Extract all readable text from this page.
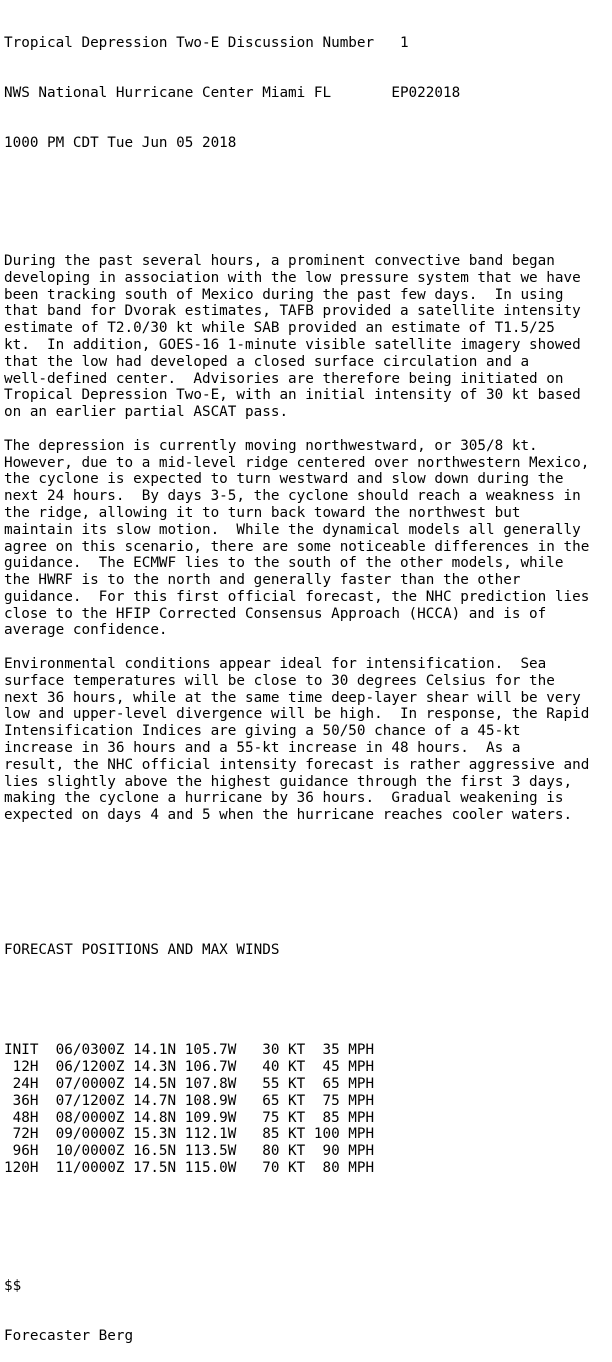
Tropical Depression Two-E Discussion Number   1

NWS National Hurricane Center Miami FL       EP022018

1000 PM CDT Tue Jun 05 2018

During the past several hours, a prominent convective band began
developing in association with the low pressure system that we have
been tracking south of Mexico during the past few days.  In using
that band for Dvorak estimates, TAFB provided a satellite intensity
estimate of T2.0/30 kt while SAB provided an estimate of T1.5/25
kt.  In addition, GOES-16 1-minute visible satellite imagery showed
that the low had developed a closed surface circulation and a
well-defined center.  Advisories are therefore being initiated on
Tropical Depression Two-E, with an initial intensity of 30 kt based
on an earlier partial ASCAT pass.
The depression is currently moving northwestward, or 305/8 kt.
However, due to a mid-level ridge centered over northwestern Mexico,
the cyclone is expected to turn westward and slow down during the
next 24 hours.  By days 3-5, the cyclone should reach a weakness in
the ridge, allowing it to turn back toward the northwest but
maintain its slow motion.  While the dynamical models all generally
agree on this scenario, there are some noticeable differences in the
guidance.  The ECMWF lies to the south of the other models, while
the HWRF is to the north and generally faster than the other
guidance.  For this first official forecast, the NHC prediction lies
close to the HFIP Corrected Consensus Approach (HCCA) and is of
average confidence.
Environmental conditions appear ideal for intensification.  Sea
surface temperatures will be close to 30 degrees Celsius for the
next 36 hours, while at the same time deep-layer shear will be very
low and upper-level divergence will be high.  In response, the Rapid
Intensification Indices are giving a 50/50 chance of a 45-kt
increase in 36 hours and a 55-kt increase in 48 hours.  As a
result, the NHC official intensity forecast is rather aggressive and
lies slightly above the highest guidance through the first 3 days,
making the cyclone a hurricane by 36 hours.  Gradual weakening is
expected on days 4 and 5 when the hurricane reaches cooler waters.

FORECAST POSITIONS AND MAX WINDS

INIT  06/0300Z 14.1N 105.7W   30 KT  35 MPH
12H  06/1200Z 14.3N 106.7W   40 KT  45 MPH
24H  07/0000Z 14.5N 107.8W   55 KT  65 MPH
36H  07/1200Z 14.7N 108.9W   65 KT  75 MPH
48H  08/0000Z 14.8N 109.9W   75 KT  85 MPH
72H  09/0000Z 15.3N 112.1W   85 KT 100 MPH
96H  10/0000Z 16.5N 113.5W   80 KT  90 MPH
120H  11/0000Z 17.5N 115.0W   70 KT  80 MPH

$$

Forecaster Berg
